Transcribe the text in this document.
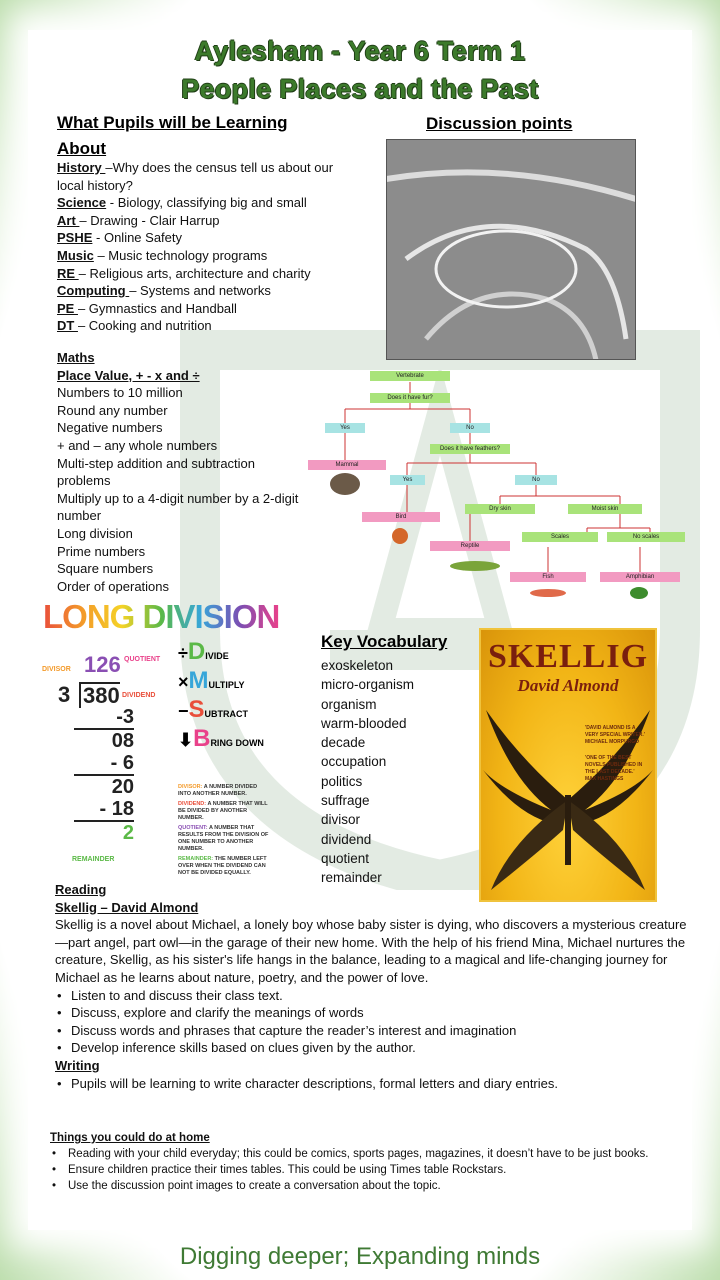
Aylesham - Year 6 Term 1
People Places and the Past
What Pupils will be Learning About
History –Why does the census tell us about our local history?
Science - Biology, classifying big and small
Art – Drawing - Clair Harrup
PSHE - Online Safety
Music – Music technology programs
RE – Religious arts, architecture and charity
Computing – Systems and networks
PE – Gymnastics and Handball
DT – Cooking and nutrition
Discussion points
Maths
Place Value, + - x and ÷
Numbers to 10 million
Round any number
Negative numbers
+ and – any whole numbers
Multi-step addition and subtraction
problems
Multiply up to a 4-digit number by a 2-digit
number
Long division
Prime numbers
Square numbers
Order of operations
Vertebrate
Does it have fur?
Yes	No
Mammal
Does it have feathers?
Yes	No
Bird
Dry skin	Moist skin
Reptile
Scales	No scales
Fish	Amphibian
LONG DIVISION
DIVISOR
QUOTIENT
DIVIDEND
126
3 380
-3
08
- 6
20
- 18
2
REMAINDER
÷DIVIDE
×MULTIPLY
−SUBTRACT
⬇BRING DOWN
DIVISOR: A NUMBER DIVIDED INTO ANOTHER NUMBER.
DIVIDEND: A NUMBER THAT WILL BE DIVIDED BY ANOTHER NUMBER.
QUOTIENT: A NUMBER THAT RESULTS FROM THE DIVISION OF ONE NUMBER TO ANOTHER NUMBER.
REMAINDER: THE NUMBER LEFT OVER WHEN THE DIVIDEND CAN NOT BE DIVIDED EQUALLY.
Key Vocabulary
exoskeleton
micro-organism
organism
warm-blooded
decade
occupation
politics
suffrage
divisor
dividend
quotient
remainder
SKELLIG
David Almond
'DAVID ALMOND IS A VERY SPECIAL WRITER.' MICHAEL MORPURGO
'ONE OF THE BEST NOVELS PUBLISHED IN THE LAST DECADE.' MAX HASTINGS
Reading
Skellig – David Almond
Skellig is a novel about Michael, a lonely boy whose baby sister is dying, who discovers a mysterious creature—part angel, part owl—in the garage of their new home. With the help of his friend Mina, Michael nurtures the creature, Skellig, as his sister's life hangs in the balance, leading to a magical and life-changing journey for Michael as he learns about nature, poetry, and the power of love.
• Listen to and discuss their class text.
• Discuss, explore and clarify the meanings of words
• Discuss words and phrases that capture the reader’s interest and imagination
• Develop inference skills based on clues given by the author.
Writing
• Pupils will be learning to write character descriptions, formal letters and diary entries.
Things you could do at home
• Reading with your child everyday; this could be comics, sports pages, magazines, it doesn’t have to be just books.
• Ensure children practice their times tables. This could be using Times table Rockstars.
• Use the discussion point images to create a conversation about the topic.
Digging deeper; Expanding minds
